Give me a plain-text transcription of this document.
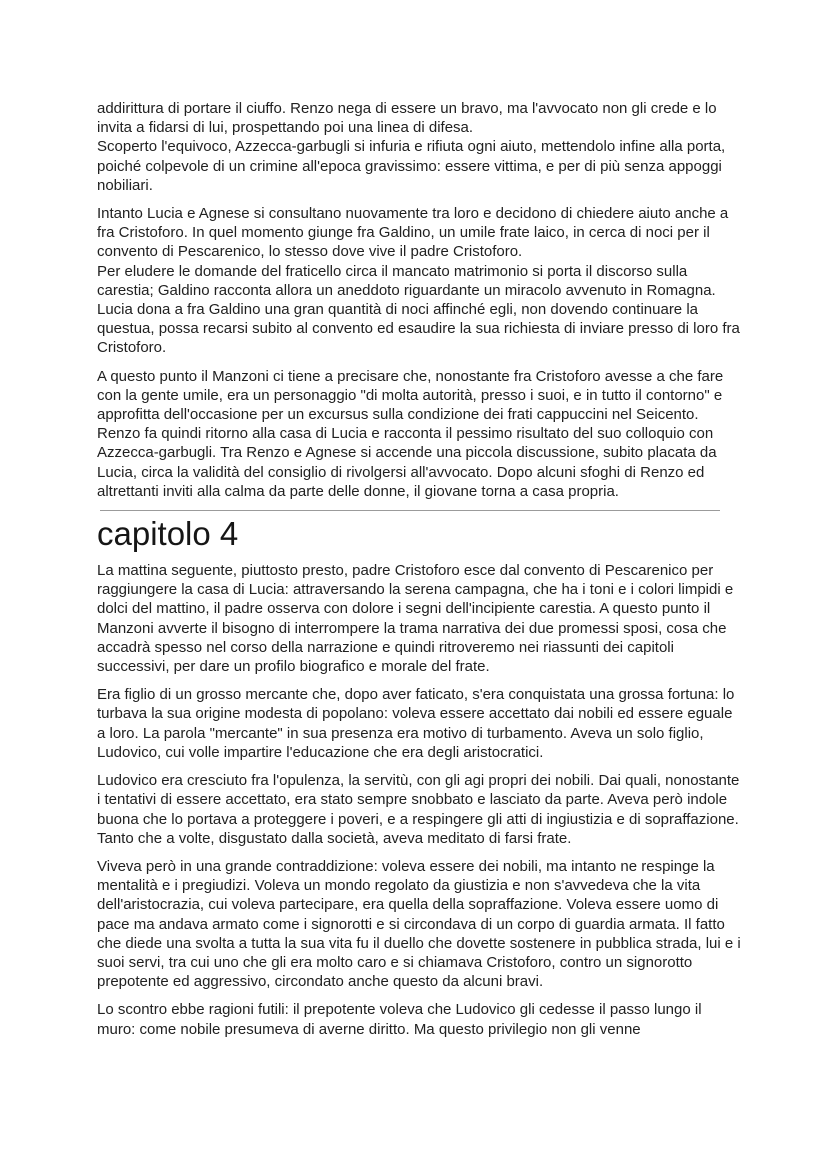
addirittura di portare il ciuffo. Renzo nega di essere un bravo, ma l'avvocato non gli crede e lo invita a fidarsi di lui, prospettando poi una linea di difesa.
Scoperto l'equivoco, Azzecca-garbugli si infuria e rifiuta ogni aiuto, mettendolo infine alla porta, poiché colpevole di un crimine all'epoca gravissimo: essere vittima, e per di più senza appoggi nobiliari.

Intanto Lucia e Agnese si consultano nuovamente tra loro e decidono di chiedere aiuto anche a fra Cristoforo. In quel momento giunge fra Galdino, un umile frate laico, in cerca di noci per il convento di Pescarenico, lo stesso dove vive il padre Cristoforo.
Per eludere le domande del fraticello circa il mancato matrimonio si porta il discorso sulla carestia; Galdino racconta allora un aneddoto riguardante un miracolo avvenuto in Romagna. Lucia dona a fra Galdino una gran quantità di noci affinché egli, non dovendo continuare la questua, possa recarsi subito al convento ed esaudire la sua richiesta di inviare presso di loro fra Cristoforo.

A questo punto il Manzoni ci tiene a precisare che, nonostante fra Cristoforo avesse a che fare con la gente umile, era un personaggio "di molta autorità, presso i suoi, e in tutto il contorno" e approfitta dell'occasione per un excursus sulla condizione dei frati cappuccini nel Seicento. Renzo fa quindi ritorno alla casa di Lucia e racconta il pessimo risultato del suo colloquio con Azzecca-garbugli. Tra Renzo e Agnese si accende una piccola discussione, subito placata da Lucia, circa la validità del consiglio di rivolgersi all'avvocato. Dopo alcuni sfoghi di Renzo ed altrettanti inviti alla calma da parte delle donne, il giovane torna a casa propria.

capitolo 4

La mattina seguente, piuttosto presto, padre Cristoforo esce dal convento di Pescarenico per raggiungere la casa di Lucia: attraversando la serena campagna, che ha i toni e i colori limpidi e dolci del mattino, il padre osserva con dolore i segni dell'incipiente carestia. A questo punto il Manzoni avverte il bisogno di interrompere la trama narrativa dei due promessi sposi, cosa che accadrà spesso nel corso della narrazione e quindi ritroveremo nei riassunti dei capitoli successivi, per dare un profilo biografico e morale del frate.

Era figlio di un grosso mercante che, dopo aver faticato, s'era conquistata una grossa fortuna: lo turbava la sua origine modesta di popolano: voleva essere accettato dai nobili ed essere eguale a loro. La parola "mercante" in sua presenza era motivo di turbamento. Aveva un solo figlio, Ludovico, cui volle impartire l'educazione che era degli aristocratici.

Ludovico era cresciuto fra l'opulenza, la servitù, con gli agi propri dei nobili. Dai quali, nonostante i tentativi di essere accettato, era stato sempre snobbato e lasciato da parte. Aveva però indole buona che lo portava a proteggere i poveri, e a respingere gli atti di ingiustizia e di sopraffazione. Tanto che a volte, disgustato dalla società, aveva meditato di farsi frate.

Viveva però in una grande contraddizione: voleva essere dei nobili, ma intanto ne respinge la mentalità e i pregiudizi. Voleva un mondo regolato da giustizia e non s'avvedeva che la vita dell'aristocrazia, cui voleva partecipare, era quella della sopraffazione. Voleva essere uomo di pace ma andava armato come i signorotti e si circondava di un corpo di guardia armata. Il fatto che diede una svolta a tutta la sua vita fu il duello che dovette sostenere in pubblica strada, lui e i suoi servi, tra cui uno che gli era molto caro e si chiamava Cristoforo, contro un signorotto prepotente ed aggressivo, circondato anche questo da alcuni bravi.

Lo scontro ebbe ragioni futili: il prepotente voleva che Ludovico gli cedesse il passo lungo il muro: come nobile presumeva di averne diritto. Ma questo privilegio non gli venne
